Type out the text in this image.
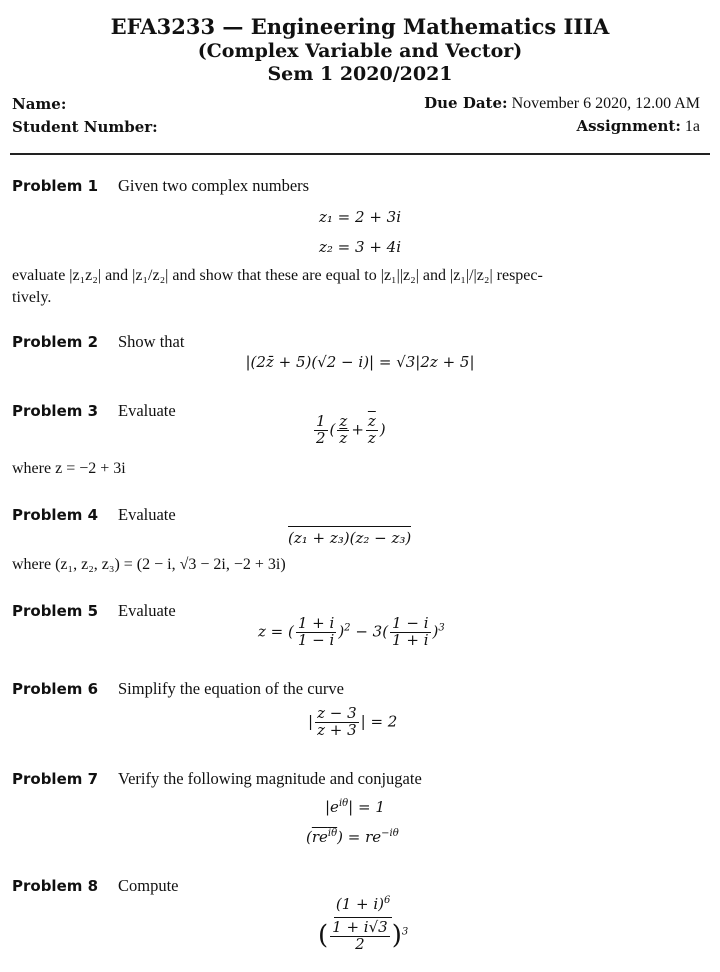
EFA3233 — Engineering Mathematics IIIA
(Complex Variable and Vector)
Sem 1 2020/2021
Name:
Student Number:
Due Date: November 6 2020, 12.00 AM
Assignment: 1a
Problem 1 Given two complex numbers
z₁ = 2 + 3i
z₂ = 3 + 4i
evaluate |z₁z₂| and |z₁/z₂| and show that these are equal to |z₁||z₂| and |z₁|/|z₂| respec-
tively.
Problem 2 Show that
|(2z̄ + 5)(√2 − i)| = √3|2z + 5|
Problem 3 Evaluate
$\frac{1}{2}$ ( $\frac{z}{z} + \frac{\overline{z}}{z}$ )
where z = −2 + 3i
Problem 4 Evaluate
(z₁ + z₃)(z₂ − z₃)
where (z₁, z₂, z₃) = (2 − i, √3 − 2i, −2 + 3i)
Problem 5 Evaluate
z = ( $\frac{1 + i}{1 - i} )^2 - 3( \frac{1 - i}{1 + i} )^3$
Problem 6 Simplify the equation of the curve
| $\frac{z - 3}{z + 3}$ | = 2
Problem 7 Verify the following magnitude and conjugate
$|e^{i\theta}| = 1$
$(re^{i\theta}) = re^{-i\theta}$
Problem 8 Compute
$\frac{(1 + i)^6}{( \frac{1 + i√3}{2} )^3}$
